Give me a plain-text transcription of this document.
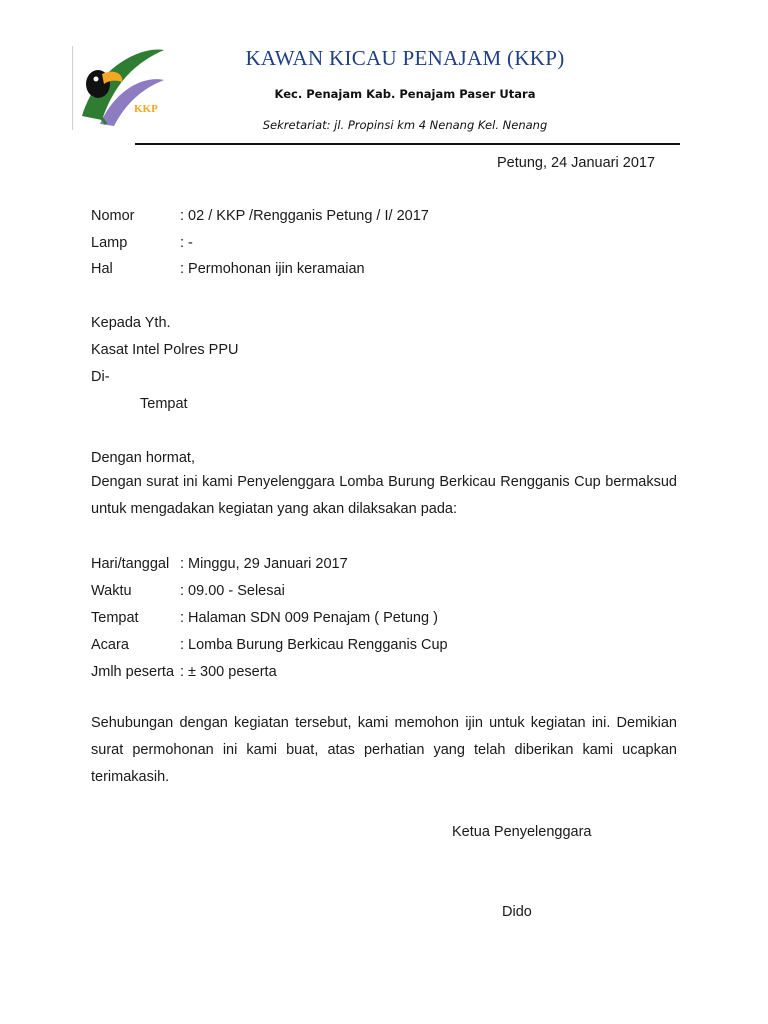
KKP
KAWAN KICAU PENAJAM (KKP)
Kec. Penajam Kab. Penajam Paser Utara
Sekretariat: jl. Propinsi km 4 Nenang Kel. Nenang
Petung, 24 Januari 2017
Nomor	: 02 / KKP /Rengganis Petung / I/ 2017
Lamp	: -
Hal	: Permohonan ijin keramaian
Kepada Yth.
Kasat Intel Polres PPU
Di-
Tempat
Dengan hormat,
Dengan surat ini kami Penyelenggara Lomba Burung Berkicau Rengganis Cup bermaksud untuk mengadakan kegiatan yang akan dilaksakan pada:
Hari/tanggal : Minggu, 29 Januari 2017
Waktu	: 09.00 - Selesai
Tempat	: Halaman SDN 009 Penajam ( Petung )
Acara	: Lomba Burung Berkicau Rengganis Cup
Jmlh peserta : ± 300 peserta
Sehubungan dengan kegiatan tersebut, kami memohon ijin untuk kegiatan ini. Demikian surat permohonan ini kami buat, atas perhatian yang telah diberikan kami ucapkan terimakasih.
Ketua Penyelenggara
Dido
